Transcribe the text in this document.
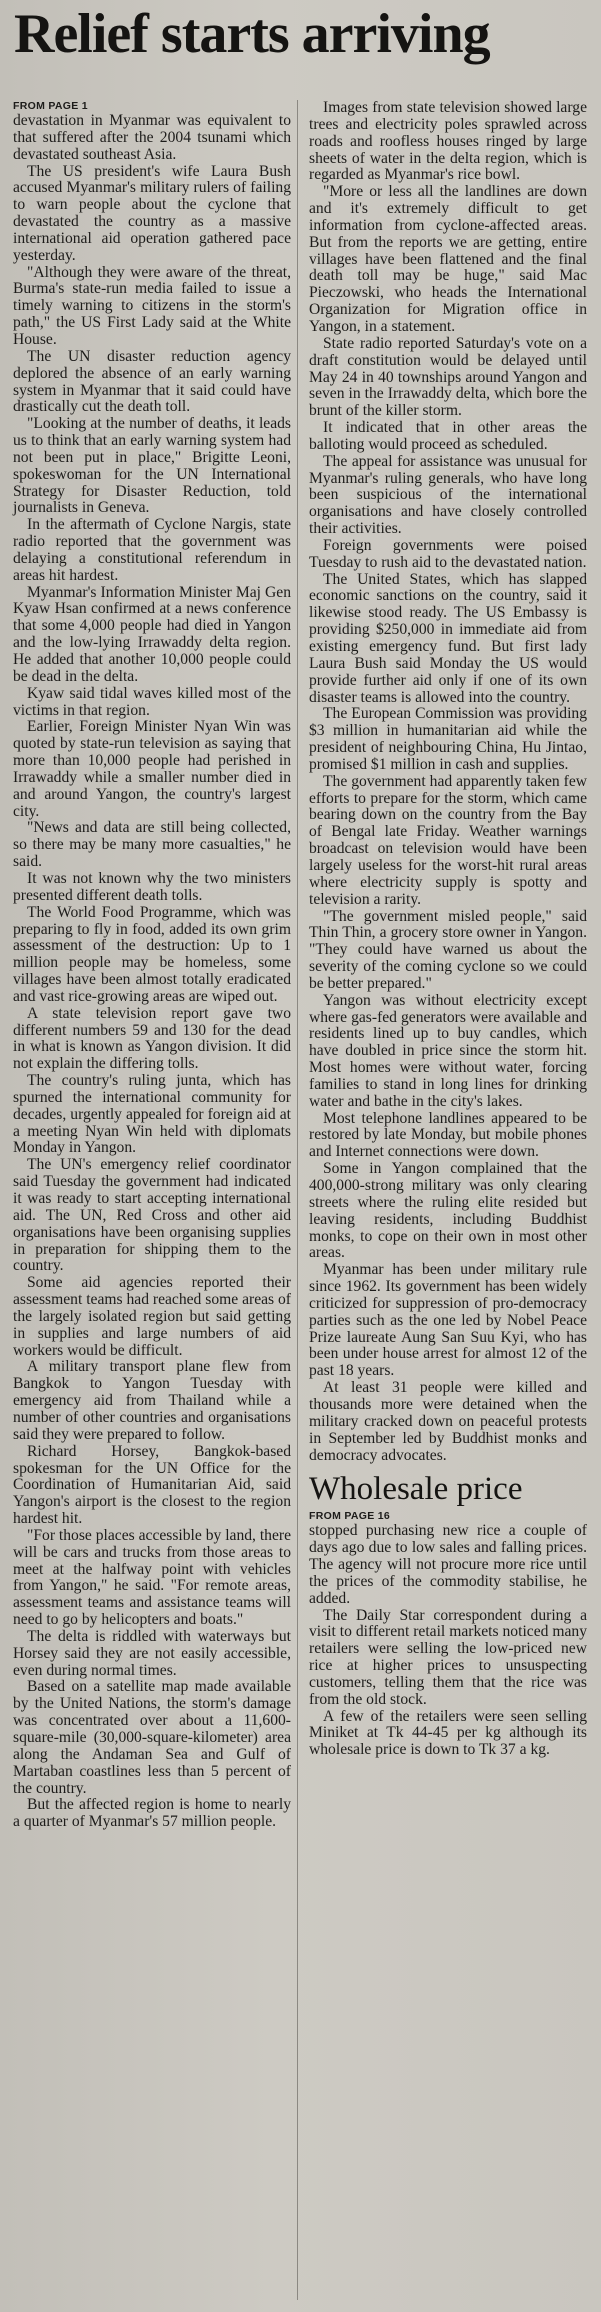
Relief starts arriving
FROM PAGE 1

devastation in Myanmar was equivalent to that suffered after the 2004 tsunami which devastated southeast Asia.

The US president's wife Laura Bush accused Myanmar's military rulers of failing to warn people about the cyclone that devastated the country as a massive international aid operation gathered pace yesterday.

"Although they were aware of the threat, Burma's state-run media failed to issue a timely warning to citizens in the storm's path," the US First Lady said at the White House.

The UN disaster reduction agency deplored the absence of an early warning system in Myanmar that it said could have drastically cut the death toll.

"Looking at the number of deaths, it leads us to think that an early warning system had not been put in place," Brigitte Leoni, spokeswoman for the UN International Strategy for Disaster Reduction, told journalists in Geneva.

In the aftermath of Cyclone Nargis, state radio reported that the government was delaying a constitutional referendum in areas hit hardest.

Myanmar's Information Minister Maj Gen Kyaw Hsan confirmed at a news conference that some 4,000 people had died in Yangon and the low-lying Irrawaddy delta region. He added that another 10,000 people could be dead in the delta.

Kyaw said tidal waves killed most of the victims in that region.

Earlier, Foreign Minister Nyan Win was quoted by state-run television as saying that more than 10,000 people had perished in Irrawaddy while a smaller number died in and around Yangon, the country's largest city.

"News and data are still being collected, so there may be many more casualties," he said.

It was not known why the two ministers presented different death tolls.

The World Food Programme, which was preparing to fly in food, added its own grim assessment of the destruction: Up to 1 million people may be homeless, some villages have been almost totally eradicated and vast rice-growing areas are wiped out.

A state television report gave two different numbers 59 and 130 for the dead in what is known as Yangon division. It did not explain the differing tolls.

The country's ruling junta, which has spurned the international community for decades, urgently appealed for foreign aid at a meeting Nyan Win held with diplomats Monday in Yangon.

The UN's emergency relief coordinator said Tuesday the government had indicated it was ready to start accepting international aid. The UN, Red Cross and other aid organisations have been organising supplies in preparation for shipping them to the country.

Some aid agencies reported their assessment teams had reached some areas of the largely isolated region but said getting in supplies and large numbers of aid workers would be difficult.

A military transport plane flew from Bangkok to Yangon Tuesday with emergency aid from Thailand while a number of other countries and organisations said they were prepared to follow.

Richard Horsey, Bangkok-based spokesman for the UN Office for the Coordination of Humanitarian Aid, said Yangon's airport is the closest to the region hardest hit.

"For those places accessible by land, there will be cars and trucks from those areas to meet at the halfway point with vehicles from Yangon," he said. "For remote areas, assessment teams and assistance teams will need to go by helicopters and boats."

The delta is riddled with waterways but Horsey said they are not easily accessible, even during normal times.

Based on a satellite map made available by the United Nations, the storm's damage was concentrated over about a 11,600-square-mile (30,000-square-kilometer) area along the Andaman Sea and Gulf of Martaban coastlines less than 5 percent of the country.

But the affected region is home to nearly a quarter of Myanmar's 57 million people.

Images from state television showed large trees and electricity poles sprawled across roads and roofless houses ringed by large sheets of water in the delta region, which is regarded as Myanmar's rice bowl.

"More or less all the landlines are down and it's extremely difficult to get information from cyclone-affected areas. But from the reports we are getting, entire villages have been flattened and the final death toll may be huge," said Mac Pieczowski, who heads the International Organization for Migration office in Yangon, in a statement.

State radio reported Saturday's vote on a draft constitution would be delayed until May 24 in 40 townships around Yangon and seven in the Irrawaddy delta, which bore the brunt of the killer storm.

It indicated that in other areas the balloting would proceed as scheduled.

The appeal for assistance was unusual for Myanmar's ruling generals, who have long been suspicious of the international organisations and have closely controlled their activities.

Foreign governments were poised Tuesday to rush aid to the devastated nation.

The United States, which has slapped economic sanctions on the country, said it likewise stood ready. The US Embassy is providing $250,000 in immediate aid from existing emergency fund. But first lady Laura Bush said Monday the US would provide further aid only if one of its own disaster teams is allowed into the country.

The European Commission was providing $3 million in humanitarian aid while the president of neighbouring China, Hu Jintao, promised $1 million in cash and supplies.

The government had apparently taken few efforts to prepare for the storm, which came bearing down on the country from the Bay of Bengal late Friday. Weather warnings broadcast on television would have been largely useless for the worst-hit rural areas where electricity supply is spotty and television a rarity.

"The government misled people," said Thin Thin, a grocery store owner in Yangon. "They could have warned us about the severity of the coming cyclone so we could be better prepared."

Yangon was without electricity except where gas-fed generators were available and residents lined up to buy candles, which have doubled in price since the storm hit. Most homes were without water, forcing families to stand in long lines for drinking water and bathe in the city's lakes.

Most telephone landlines appeared to be restored by late Monday, but mobile phones and Internet connections were down.

Some in Yangon complained that the 400,000-strong military was only clearing streets where the ruling elite resided but leaving residents, including Buddhist monks, to cope on their own in most other areas.

Myanmar has been under military rule since 1962. Its government has been widely criticized for suppression of pro-democracy parties such as the one led by Nobel Peace Prize laureate Aung San Suu Kyi, who has been under house arrest for almost 12 of the past 18 years.

At least 31 people were killed and thousands more were detained when the military cracked down on peaceful protests in September led by Buddhist monks and democracy advocates.

Wholesale price
FROM PAGE 16

stopped purchasing new rice a couple of days ago due to low sales and falling prices. The agency will not procure more rice until the prices of the commodity stabilise, he added.

The Daily Star correspondent during a visit to different retail markets noticed many retailers were selling the low-priced new rice at higher prices to unsuspecting customers, telling them that the rice was from the old stock.

A few of the retailers were seen selling Miniket at Tk 44-45 per kg although its wholesale price is down to Tk 37 a kg.
